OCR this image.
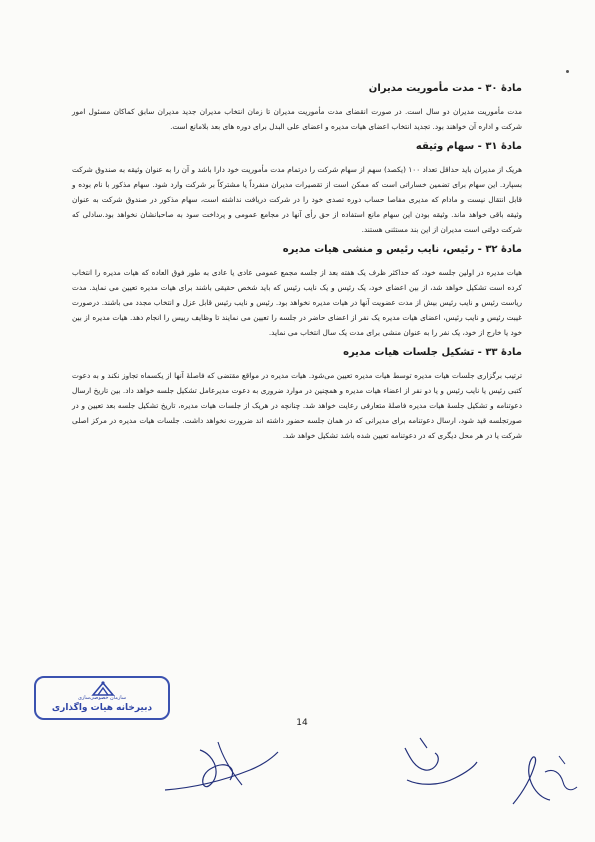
مادهٔ ۳۰ - مدت مأموریت مدیران

مدت مأموریت مدیران دو سال است. در صورت انقضای مدت مأموریت مدیران تا زمان انتخاب مدیران جدید مدیران سابق کماکان مسئول امور شرکت و اداره آن خواهند بود. تجدید انتخاب اعضای هیات مدیره و اعضای علی البدل برای دوره های بعد بلامانع است.

مادهٔ ۳۱ - سهام وثیقه

هریک از مدیران باید حداقل تعداد ۱۰۰ (یکصد) سهم از سهام شرکت را درتمام مدت مأموریت خود دارا باشد و آن را به عنوان وثیقه به صندوق شرکت بسپارد. این سهام برای تضمین خساراتی است که ممکن است از تقصیرات مدیران منفرداً یا مشترکاً بر شرکت وارد شود. سهام مذکور با نام بوده و قابل انتقال نیست و مادام که مدیری مفاصا حساب دوره تصدی خود را در شرکت دریافت نداشته است، سهام مذکور در صندوق شرکت به عنوان وثیقه باقی خواهد ماند. وثیقه بودن این سهام مانع استفاده از حق رأی آنها در مجامع عمومی و پرداخت سود به صاحبانشان نخواهد بود.سادلی که شرکت دولتی است مدیران از این بند مستثنی هستند.

مادهٔ ۳۲ - رئیس، نایب رئیس و منشی هیات مدیره

هیات مدیره در اولین جلسه خود، که حداکثر ظرف یک هفته بعد از جلسه مجمع عمومی عادی یا عادی به طور فوق العاده که هیات مدیره را انتخاب کرده است تشکیل خواهد شد، از بین اعضای خود، یک رئیس و یک نایب رئیس که باید شخص حقیقی باشند برای هیات مدیره تعیین می نماید. مدت ریاست رئیس و نایب رئیس بیش از مدت عضویت آنها در هیات مدیره نخواهد بود. رئیس و نایب رئیس قابل عزل و انتخاب مجدد می باشند. درصورت غیبت رئیس و نایب رئیس، اعضای هیات مدیره یک نفر از اعضای حاضر در جلسه را تعیین می نمایند تا وظایف رییس را انجام دهد. هیات مدیره از بین خود یا خارج از خود، یک نفر را به عنوان منشی برای مدت یک سال انتخاب می نماید.

مادهٔ ۳۳ - تشکیل جلسات هیات مدیره

ترتیب برگزاری جلسات هیات مدیره توسط هیات مدیره تعیین می‌شود. هیات مدیره در مواقع مقتضی که فاصلهٔ آنها از یکسماه تجاوز نکند و به دعوت کتبی رئیس یا نایب رئیس و یا دو نفر از اعضاء هیات مدیره و همچنین در موارد ضروری به دعوت مدیرعامل تشکیل جلسه خواهد داد. بین تاریخ ارسال دعوتنامه و تشکیل جلسهٔ هیات مدیره فاصلهٔ متعارفی رعایت خواهد شد. چنانچه در هریک از جلسات هیات مدیره، تاریخ تشکیل جلسه بعد تعیین و در صورتجلسه قید شود، ارسال دعوتنامه برای مدیرانی که در همان جلسه حضور داشته اند ضرورت نخواهد داشت. جلسات هیات مدیره در مرکز اصلی شرکت یا در هر محل دیگری که در دعوتنامه تعیین شده باشد تشکیل خواهد شد.

سازمان خصوصی‌سازی
دبیرخانه هیات واگذاری
14
